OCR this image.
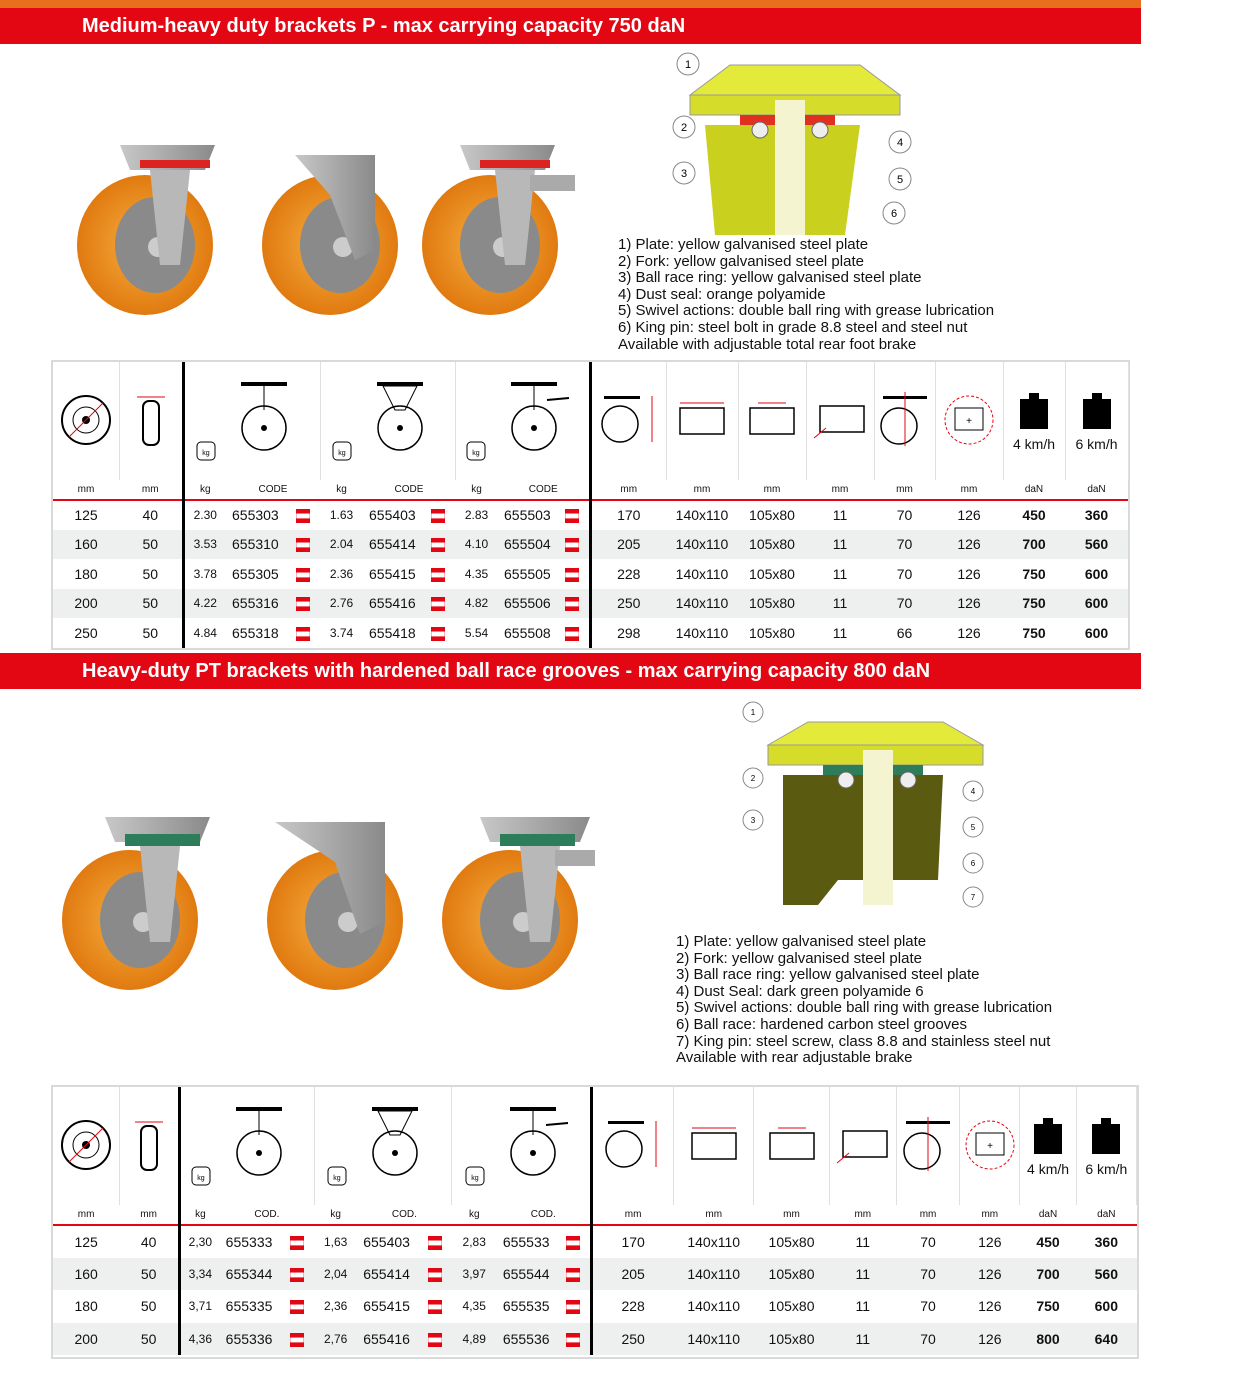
Medium-heavy duty brackets P - max carrying capacity 750 daN
1
2
3
4
5
6
1) Plate: yellow galvanised steel plate
2) Fork: yellow galvanised steel plate
3) Ball race ring: yellow galvanised steel plate
4) Dust seal: orange polyamide
5) Swivel actions: double ball ring with grease lubrication
6) King pin: steel bolt in grade 8.8 steel and steel nut
Available with adjustable total rear foot brake

kg		kg		kg							+	4 km/h	6 km/h

mm	mm	kg	CODE	kg	CODE	kg	CODE	mm	mm	mm	mm	mm	mm	daN	daN
125	40	2.30	655303	1.63	655403	2.83	655503	170	140x110	105x80	11	70	126	450	360
160	50	3.53	655310	2.04	655414	4.10	655504	205	140x110	105x80	11	70	126	700	560
180	50	3.78	655305	2.36	655415	4.35	655505	228	140x110	105x80	11	70	126	750	600
200	50	4.22	655316	2.76	655416	4.82	655506	250	140x110	105x80	11	70	126	750	600
250	50	4.84	655318	3.74	655418	5.54	655508	298	140x110	105x80	11	66	126	750	600
Heavy-duty PT brackets with hardened ball race grooves - max carrying capacity 800 daN
1
2
3
4
5
6
7
1) Plate: yellow galvanised steel plate
2) Fork: yellow galvanised steel plate
3) Ball race ring: yellow galvanised steel plate
4) Dust Seal: dark green polyamide 6
5) Swivel actions: double ball ring with grease lubrication
6) Ball race: hardened carbon steel grooves
7) King pin: steel screw, class 8.8 and stainless steel nut
Available with rear adjustable brake

kg		kg		kg							+	4 km/h	6 km/h

mm	mm	kg	COD.	kg	COD.	kg	COD.	mm	mm	mm	mm	mm	mm	daN	daN
125	40	2,30	655333	1,63	655403	2,83	655533	170	140x110	105x80	11	70	126	450	360
160	50	3,34	655344	2,04	655414	3,97	655544	205	140x110	105x80	11	70	126	700	560
180	50	3,71	655335	2,36	655415	4,35	655535	228	140x110	105x80	11	70	126	750	600
200	50	4,36	655336	2,76	655416	4,89	655536	250	140x110	105x80	11	70	126	800	640
